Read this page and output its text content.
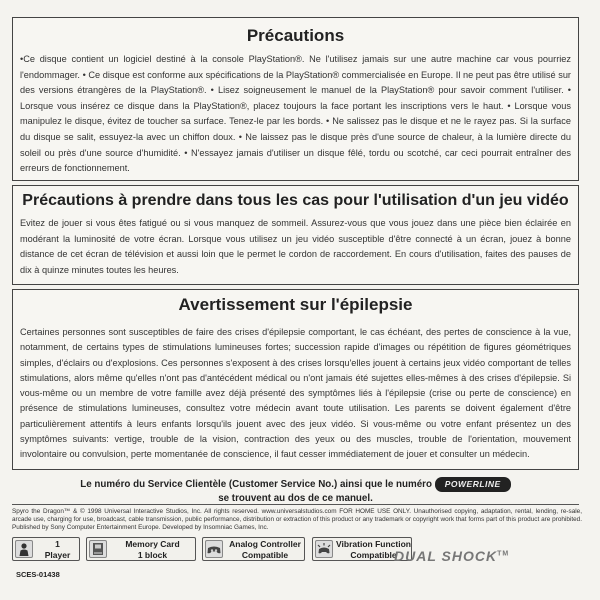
Précautions

•Ce disque contient un logiciel destiné à la console PlayStation®. Ne l'utilisez jamais sur une autre machine car vous pourriez l'endommager. • Ce disque est conforme aux spécifications de la PlayStation® commercialisée en Europe. Il ne peut pas être utilisé sur des versions étrangères de la PlayStation®. • Lisez soigneusement le manuel de la PlayStation® pour savoir comment l'utiliser. • Lorsque vous insérez ce disque dans la PlayStation®, placez toujours la face portant les inscriptions vers le haut. • Lorsque vous manipulez le disque, évitez de toucher sa surface. Tenez-le par les bords. • Ne salissez pas le disque et ne le rayez pas. Si la surface du disque se salit, essuyez-la avec un chiffon doux. • Ne laissez pas le disque près d'une source de chaleur, à la lumière directe du soleil ou près d'une source d'humidité. • N'essayez jamais d'utiliser un disque fêlé, tordu ou scotché, car ceci pourrait entraîner des erreurs de fonctionnement.

Précautions à prendre dans tous les cas pour l'utilisation d'un jeu vidéo

Evitez de jouer si vous êtes fatigué ou si vous manquez de sommeil. Assurez-vous que vous jouez dans une pièce bien éclairée en modérant la luminosité de votre écran. Lorsque vous utilisez un jeu vidéo susceptible d'être connecté à un écran, jouez à bonne distance de cet écran de télévision et aussi loin que le permet le cordon de raccordement. En cours d'utilisation, faites des pauses de dix à quinze minutes toutes les heures.

Avertissement sur l'épilepsie

Certaines personnes sont susceptibles de faire des crises d'épilepsie comportant, le cas échéant, des pertes de conscience à la vue, notamment, de certains types de stimulations lumineuses fortes; succession rapide d'images ou répétition de figures géométriques simples, d'éclairs ou d'explosions. Ces personnes s'exposent à des crises lorsqu'elles jouent à certains jeux vidéo comportant de telles stimulations, alors même qu'elles n'ont pas d'antécédent médical ou n'ont jamais été sujettes elles-mêmes à des crises d'épilepsie. Si vous-même ou un membre de votre famille avez déjà présenté des symptômes liés à l'épilepsie (crise ou perte de conscience) en présence de stimulations lumineuses, consultez votre médecin avant toute utilisation. Les parents se doivent également d'être particulièrement attentifs à leurs enfants lorsqu'ils jouent avec des jeux vidéo. Si vous-même ou votre enfant présentez un des symptômes suivants: vertige, trouble de la vision, contraction des yeux ou des muscles, trouble de l'orientation, mouvement involontaire ou convulsion, perte momentanée de conscience, il faut cesser immédiatement de jouer et consulter un médecin.

Le numéro du Service Clientèle (Customer Service No.) ainsi que le numéro POWERLINE
se trouvent au dos de ce manuel.
Spyro the Dragon™ & © 1998 Universal Interactive Studios, Inc. All rights reserved. www.universalstudios.com FOR HOME USE ONLY. Unauthorised copying, adaptation, rental, lending, re-sale, arcade use, charging for use, broadcast, cable transmission, public performance, distribution or extraction of this product or any trademark or copyright work that forms part of this product are prohibited. Published by Sony Computer Entertainment Europe. Developed by Insomniac Games, Inc.
1
Player
Memory Card
1 block
Analog Controller
Compatible
Vibration Function
Compatible
DUAL SHOCK™
SCES-01438
